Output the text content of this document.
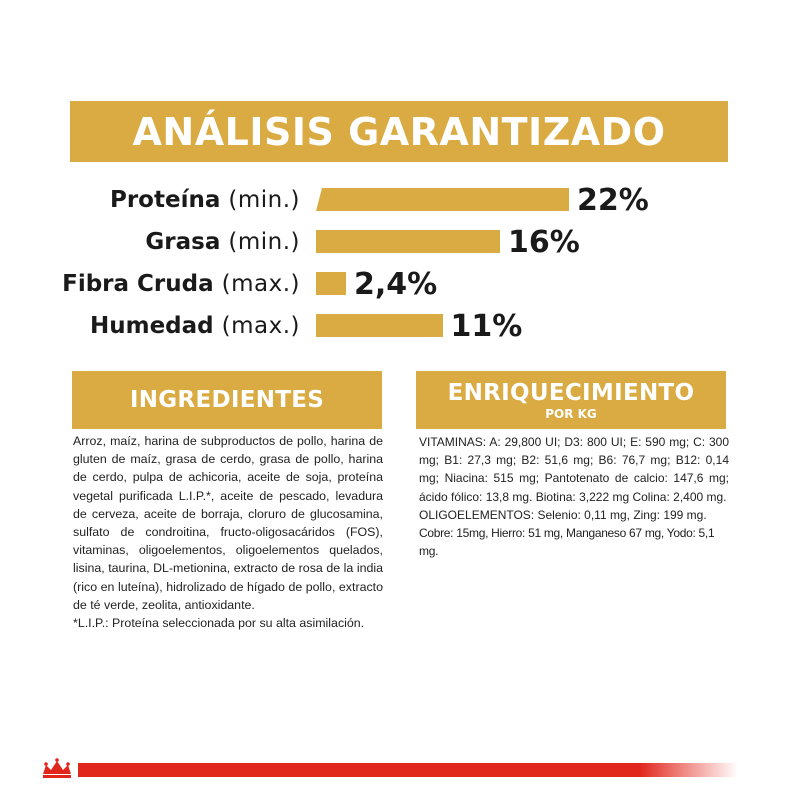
ANÁLISIS GARANTIZADO
Proteína (min.)	22%
Grasa (min.)	16%
Fibra Cruda (max.) 2,4%
Humedad (max.)	11%
INGREDIENTES

Arroz, maíz, harina de subproductos de pollo, harina de gluten de maíz, grasa de cerdo, grasa de pollo, harina de cerdo, pulpa de achicoria, aceite de soja, proteína vegetal purificada L.I.P.*, aceite de pescado, levadura de cerveza, aceite de borraja, cloruro de glucosamina, sulfato de condroitina, fructo-oligosacáridos (FOS), vitaminas, oligoelementos, oligoelementos quelados, lisina, taurina, DL-metionina, extracto de rosa de la india (rico en luteína), hidrolizado de hígado de pollo, extracto de té verde, zeolita, antioxidante.

*L.I.P.: Proteína seleccionada por su alta asimilación.

ENRIQUECIMIENTO
POR KG

VITAMINAS: A: 29,800 UI; D3: 800 UI; E: 590 mg; C: 300 mg; B1: 27,3 mg; B2: 51,6 mg; B6: 76,7 mg; B12: 0,14 mg; Niacina: 515 mg; Pantotenato de calcio: 147,6 mg; ácido fólico: 13,8 mg. Biotina: 3,222 mg Colina: 2,400 mg.

OLIGOELEMENTOS: Selenio: 0,11 mg, Zing: 199 mg.

Cobre: 15mg, Hierro: 51 mg, Manganeso 67 mg, Yodo: 5,1 mg.
